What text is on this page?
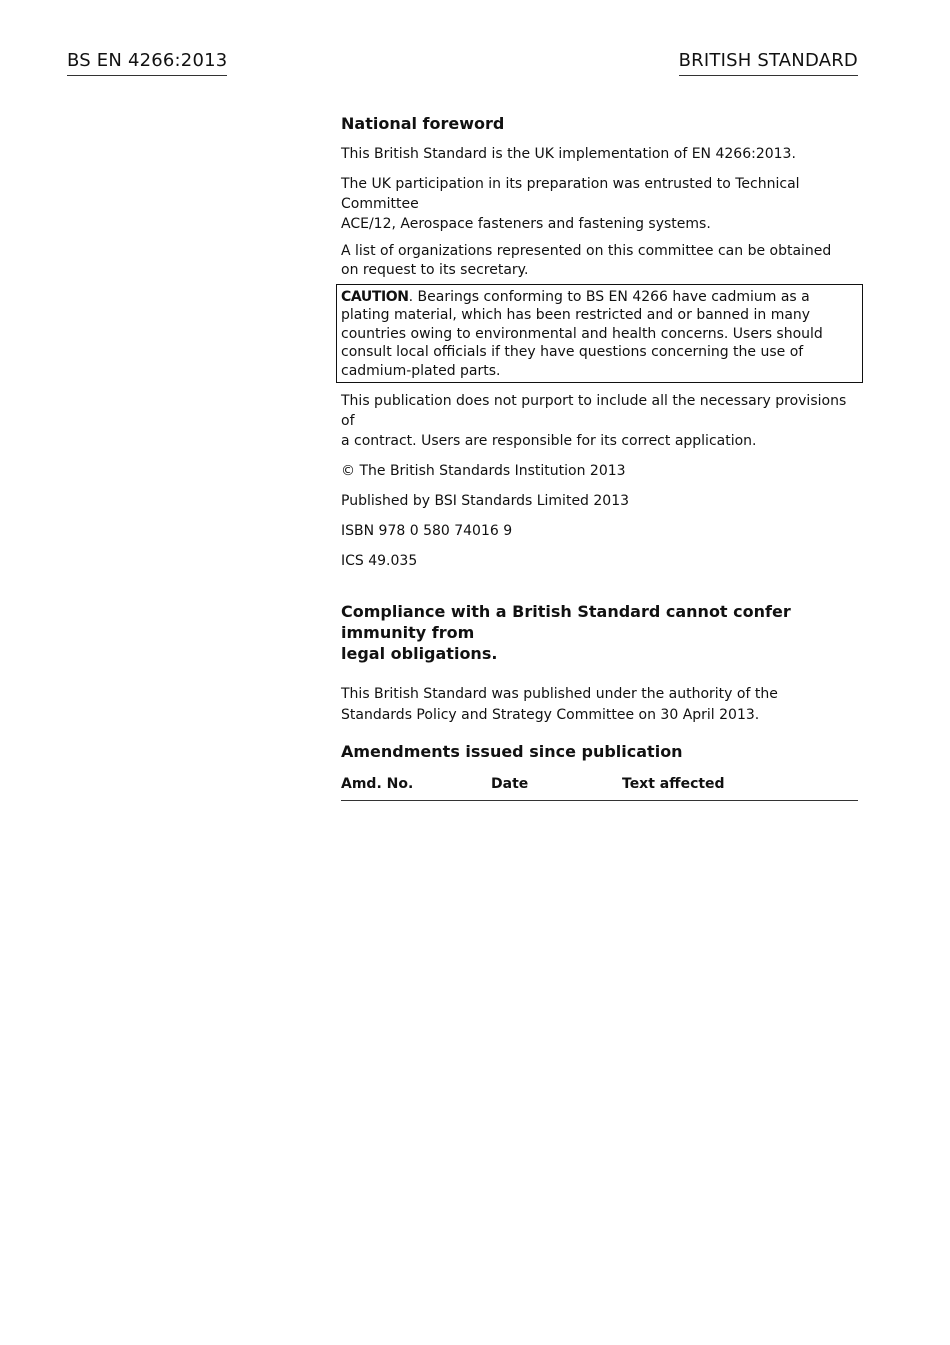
BS EN 4266:2013	BRITISH STANDARD

National foreword

This British Standard is the UK implementation of EN 4266:2013.

The UK participation in its preparation was entrusted to Technical Committee
ACE/12, Aerospace fasteners and fastening systems.

A list of organizations represented on this committee can be obtained
on request to its secretary.

CAUTION. Bearings conforming to BS EN 4266 have cadmium as a
plating material, which has been restricted and or banned in many
countries owing to environmental and health concerns. Users should
consult local officials if they have questions concerning the use of
cadmium-plated parts.

This publication does not purport to include all the necessary provisions of
a contract. Users are responsible for its correct application.

© The British Standards Institution 2013

Published by BSI Standards Limited 2013

ISBN 978 0 580 74016 9

ICS 49.035

Compliance with a British Standard cannot confer immunity from
legal obligations.

This British Standard was published under the authority of the
Standards Policy and Strategy Committee on 30 April 2013.

Amendments issued since publication

Amd. No.	Date	Text affected
